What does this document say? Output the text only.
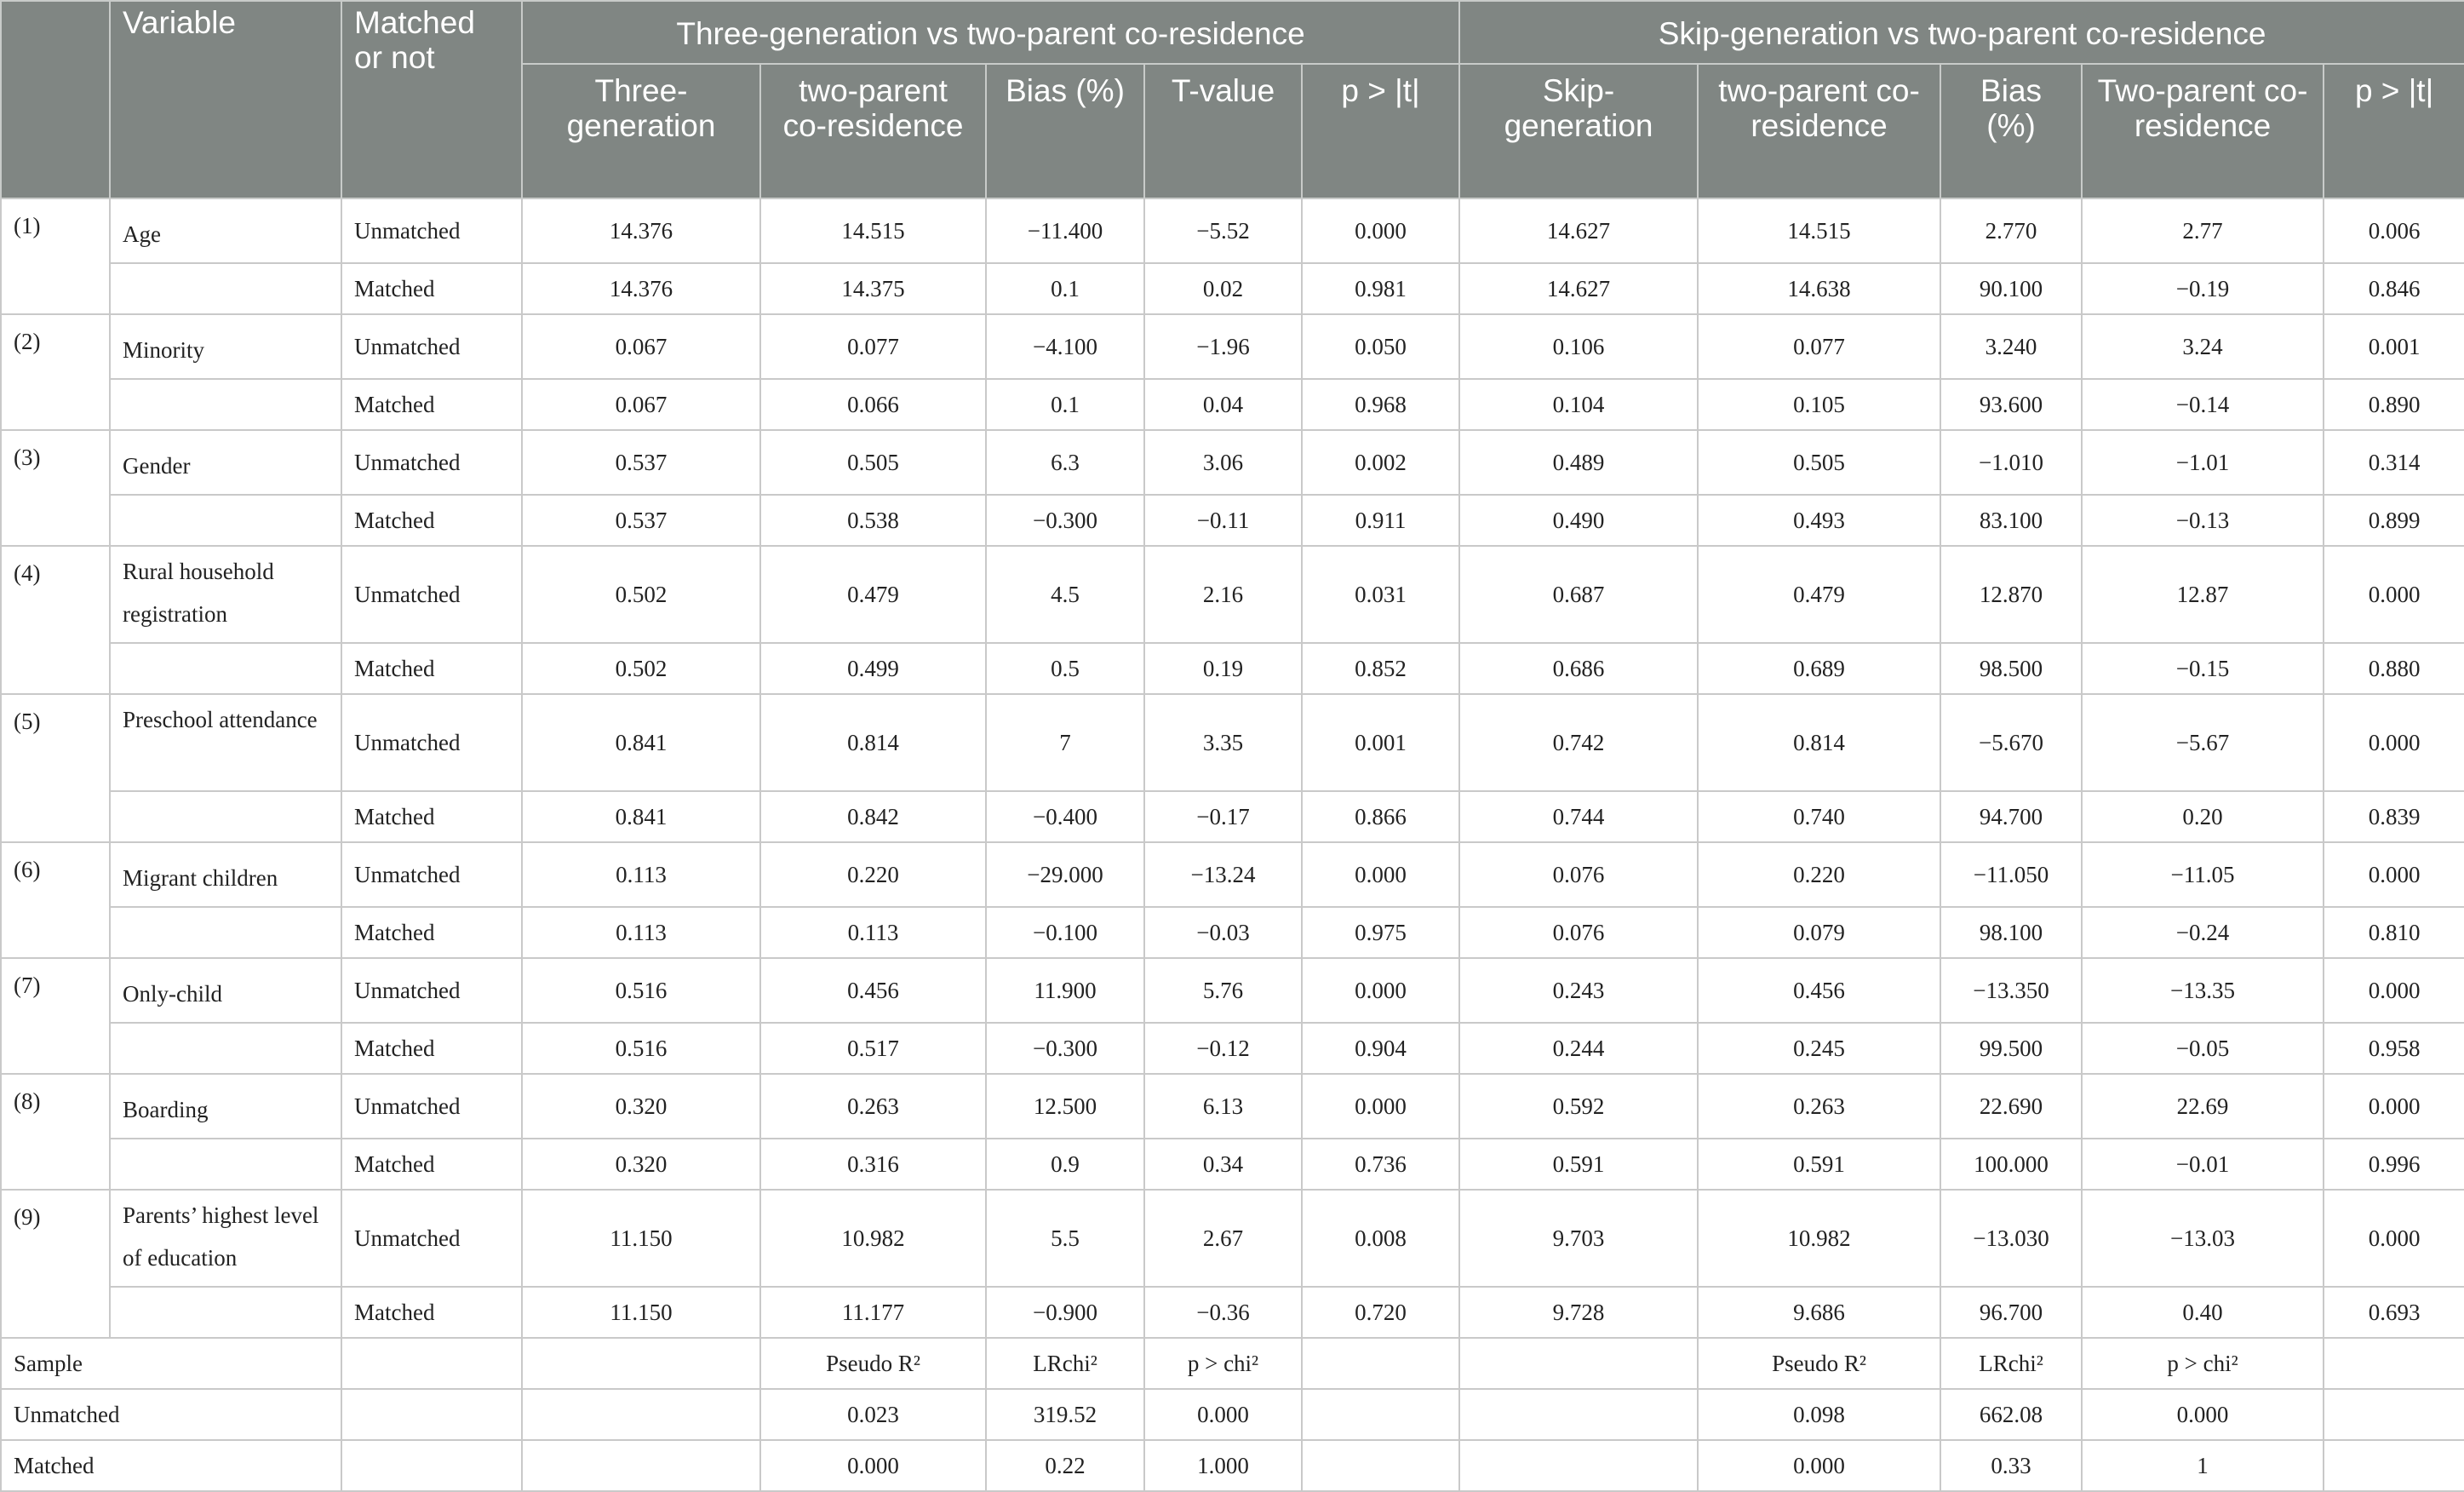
	Variable	Matched or not	Three-generation vs two-parent co-residence					Skip-generation vs two-parent co-residence				
			Three-generation	two-parent co-residence	Bias (%)	T-value	p > |t|	Skip-generation	two-parent co-residence	Bias (%)	Two-parent co-residence	p > |t|
(1)	Age	Unmatched	14.376	14.515	−11.400	−5.52	0.000	14.627	14.515	2.770	2.77	0.006
		Matched	14.376	14.375	0.1	0.02	0.981	14.627	14.638	90.100	−0.19	0.846
(2)	Minority	Unmatched	0.067	0.077	−4.100	−1.96	0.050	0.106	0.077	3.240	3.24	0.001
		Matched	0.067	0.066	0.1	0.04	0.968	0.104	0.105	93.600	−0.14	0.890
(3)	Gender	Unmatched	0.537	0.505	6.3	3.06	0.002	0.489	0.505	−1.010	−1.01	0.314
		Matched	0.537	0.538	−0.300	−0.11	0.911	0.490	0.493	83.100	−0.13	0.899
(4)	Rural household registration	Unmatched	0.502	0.479	4.5	2.16	0.031	0.687	0.479	12.870	12.87	0.000
		Matched	0.502	0.499	0.5	0.19	0.852	0.686	0.689	98.500	−0.15	0.880
(5)	Preschool attendance	Unmatched	0.841	0.814	7	3.35	0.001	0.742	0.814	−5.670	−5.67	0.000
		Matched	0.841	0.842	−0.400	−0.17	0.866	0.744	0.740	94.700	0.20	0.839
(6)	Migrant children	Unmatched	0.113	0.220	−29.000	−13.24	0.000	0.076	0.220	−11.050	−11.05	0.000
		Matched	0.113	0.113	−0.100	−0.03	0.975	0.076	0.079	98.100	−0.24	0.810
(7)	Only-child	Unmatched	0.516	0.456	11.900	5.76	0.000	0.243	0.456	−13.350	−13.35	0.000
		Matched	0.516	0.517	−0.300	−0.12	0.904	0.244	0.245	99.500	−0.05	0.958
(8)	Boarding	Unmatched	0.320	0.263	12.500	6.13	0.000	0.592	0.263	22.690	22.69	0.000
		Matched	0.320	0.316	0.9	0.34	0.736	0.591	0.591	100.000	−0.01	0.996
(9)	Parents’ highest level of education	Unmatched	11.150	10.982	5.5	2.67	0.008	9.703	10.982	−13.030	−13.03	0.000
		Matched	11.150	11.177	−0.900	−0.36	0.720	9.728	9.686	96.700	0.40	0.693
Sample				Pseudo R²	LRchi²	p > chi²			Pseudo R²	LRchi²	p > chi²	
Unmatched				0.023	319.52	0.000			0.098	662.08	0.000	
Matched				0.000	0.22	1.000			0.000	0.33	1	
